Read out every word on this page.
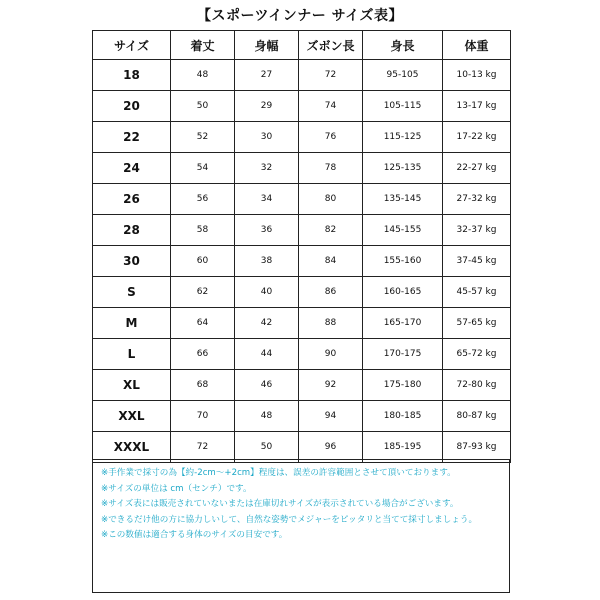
【スポーツインナー サイズ表】
サイズ	着丈	身幅	ズボン長	身長	体重
18	48	27	72	95-105	10-13 kg
20	50	29	74	105-115	13-17 kg
22	52	30	76	115-125	17-22 kg
24	54	32	78	125-135	22-27 kg
26	56	34	80	135-145	27-32 kg
28	58	36	82	145-155	32-37 kg
30	60	38	84	155-160	37-45 kg
S	62	40	86	160-165	45-57 kg
M	64	42	88	165-170	57-65 kg
L	66	44	90	170-175	65-72 kg
XL	68	46	92	175-180	72-80 kg
XXL	70	48	94	180-185	80-87 kg
XXXL	72	50	96	185-195	87-93 kg

※手作業で採寸の為【約-2cm～+2cm】程度は、誤差の許容範囲とさせて頂いております。

※サイズの単位は cm（センチ）です。

※サイズ表には販売されていないまたは在庫切れサイズが表示されている場合がございます。

※できるだけ他の方に協力しいして、自然な姿勢でメジャーをピッタリと当てて採寸しましょう。

※この数値は適合する身体のサイズの目安です。
